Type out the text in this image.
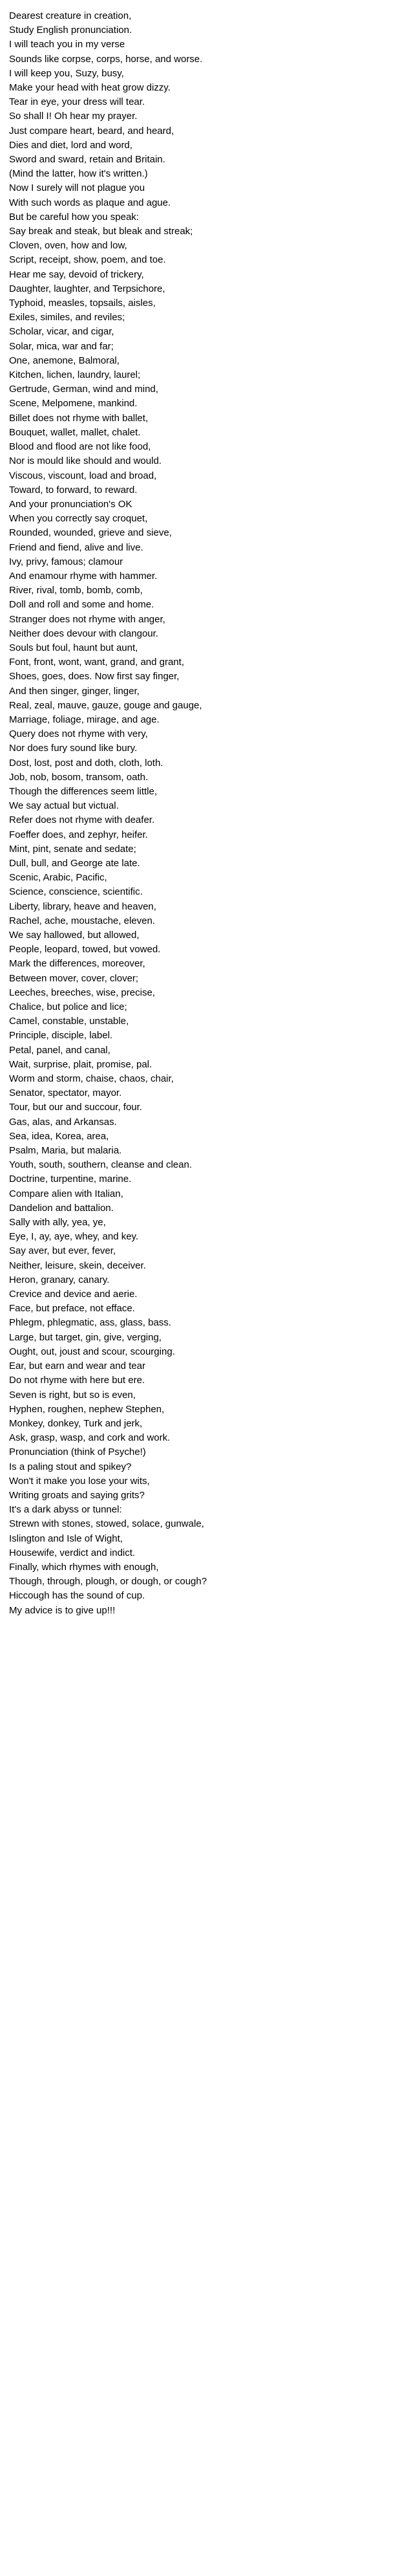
Dearest creature in creation,
Study English pronunciation.
I will teach you in my verse
Sounds like corpse, corps, horse, and worse.
I will keep you, Suzy, busy,
Make your head with heat grow dizzy.
Tear in eye, your dress will tear.
So shall I! Oh hear my prayer.
Just compare heart, beard, and heard,
Dies and diet, lord and word,
Sword and sward, retain and Britain.
(Mind the latter, how it's written.)
Now I surely will not plague you
With such words as plaque and ague.
But be careful how you speak:
Say break and steak, but bleak and streak;
Cloven, oven, how and low,
Script, receipt, show, poem, and toe.
Hear me say, devoid of trickery,
Daughter, laughter, and Terpsichore,
Typhoid, measles, topsails, aisles,
Exiles, similes, and reviles;
Scholar, vicar, and cigar,
Solar, mica, war and far;
One, anemone, Balmoral,
Kitchen, lichen, laundry, laurel;
Gertrude, German, wind and mind,
Scene, Melpomene, mankind.
Billet does not rhyme with ballet,
Bouquet, wallet, mallet, chalet.
Blood and flood are not like food,
Nor is mould like should and would.
Viscous, viscount, load and broad,
Toward, to forward, to reward.
And your pronunciation's OK
When you correctly say croquet,
Rounded, wounded, grieve and sieve,
Friend and fiend, alive and live.
Ivy, privy, famous; clamour
And enamour rhyme with hammer.
River, rival, tomb, bomb, comb,
Doll and roll and some and home.
Stranger does not rhyme with anger,
Neither does devour with clangour.
Souls but foul, haunt but aunt,
Font, front, wont, want, grand, and grant,
Shoes, goes, does. Now first say finger,
And then singer, ginger, linger,
Real, zeal, mauve, gauze, gouge and gauge,
Marriage, foliage, mirage, and age.
Query does not rhyme with very,
Nor does fury sound like bury.
Dost, lost, post and doth, cloth, loth.
Job, nob, bosom, transom, oath.
Though the differences seem little,
We say actual but victual.
Refer does not rhyme with deafer.
Foeffer does, and zephyr, heifer.
Mint, pint, senate and sedate;
Dull, bull, and George ate late.
Scenic, Arabic, Pacific,
Science, conscience, scientific.
Liberty, library, heave and heaven,
Rachel, ache, moustache, eleven.
We say hallowed, but allowed,
People, leopard, towed, but vowed.
Mark the differences, moreover,
Between mover, cover, clover;
Leeches, breeches, wise, precise,
Chalice, but police and lice;
Camel, constable, unstable,
Principle, disciple, label.
Petal, panel, and canal,
Wait, surprise, plait, promise, pal.
Worm and storm, chaise, chaos, chair,
Senator, spectator, mayor.
Tour, but our and succour, four.
Gas, alas, and Arkansas.
Sea, idea, Korea, area,
Psalm, Maria, but malaria.
Youth, south, southern, cleanse and clean.
Doctrine, turpentine, marine.
Compare alien with Italian,
Dandelion and battalion.
Sally with ally, yea, ye,
Eye, I, ay, aye, whey, and key.
Say aver, but ever, fever,
Neither, leisure, skein, deceiver.
Heron, granary, canary.
Crevice and device and aerie.
Face, but preface, not efface.
Phlegm, phlegmatic, ass, glass, bass.
Large, but target, gin, give, verging,
Ought, out, joust and scour, scourging.
Ear, but earn and wear and tear
Do not rhyme with here but ere.
Seven is right, but so is even,
Hyphen, roughen, nephew Stephen,
Monkey, donkey, Turk and jerk,
Ask, grasp, wasp, and cork and work.
Pronunciation (think of Psyche!)
Is a paling stout and spikey?
Won't it make you lose your wits,
Writing groats and saying grits?
It's a dark abyss or tunnel:
Strewn with stones, stowed, solace, gunwale,
Islington and Isle of Wight,
Housewife, verdict and indict.
Finally, which rhymes with enough,
Though, through, plough, or dough, or cough?
Hiccough has the sound of cup.
My advice is to give up!!!
